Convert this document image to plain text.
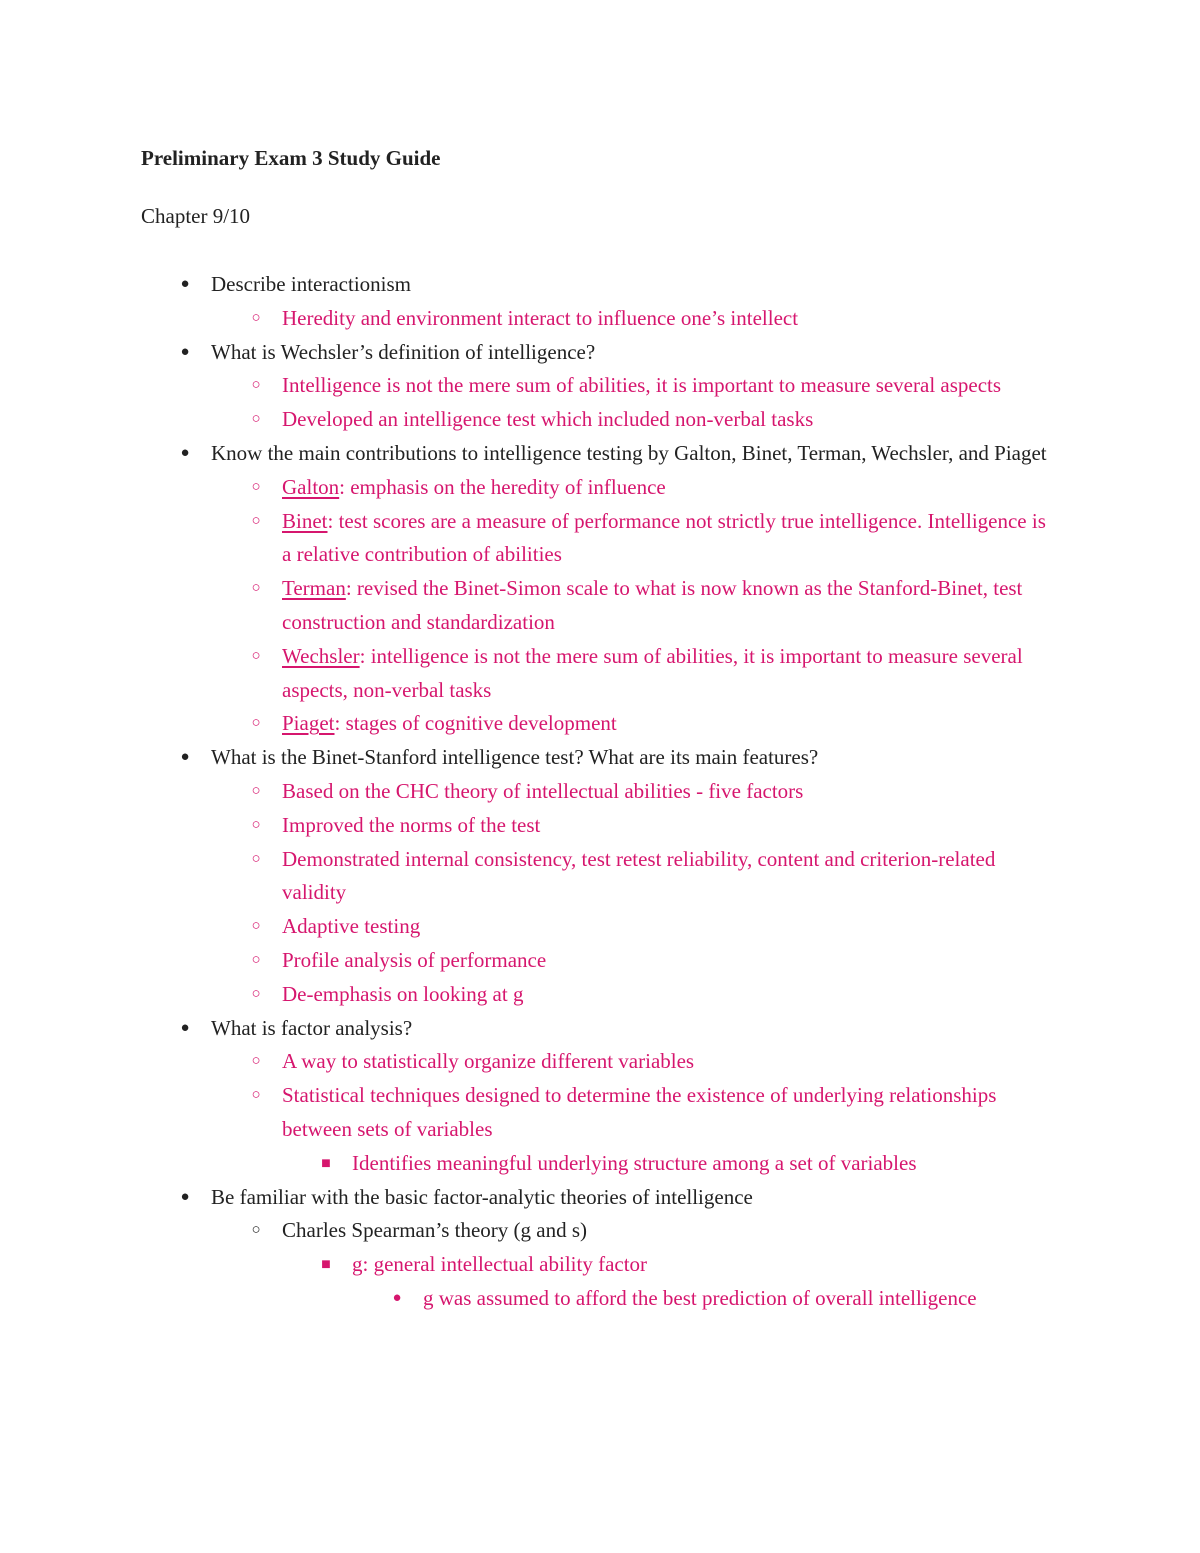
Preliminary Exam 3 Study Guide
Chapter 9/10
●	Describe interactionism
○	Heredity and environment interact to influence one’s intellect
●	What is Wechsler’s definition of intelligence?
○	Intelligence is not the mere sum of abilities, it is important to measure several aspects
○	Developed an intelligence test which included non-verbal tasks
●	Know the main contributions to intelligence testing by Galton, Binet, Terman, Wechsler, and Piaget
○	Galton: emphasis on the heredity of influence
○	Binet: test scores are a measure of performance not strictly true intelligence. Intelligence is a relative contribution of abilities
○	Terman: revised the Binet-Simon scale to what is now known as the Stanford-Binet, test construction and standardization
○	Wechsler: intelligence is not the mere sum of abilities, it is important to measure several aspects, non-verbal tasks
○	Piaget: stages of cognitive development
●	What is the Binet-Stanford intelligence test? What are its main features?
○	Based on the CHC theory of intellectual abilities - five factors
○	Improved the norms of the test
○	Demonstrated internal consistency, test retest reliability, content and criterion-related validity
○	Adaptive testing
○	Profile analysis of performance
○	De-emphasis on looking at g
●	What is factor analysis?
○	A way to statistically organize different variables
○	Statistical techniques designed to determine the existence of underlying relationships between sets of variables
■	Identifies meaningful underlying structure among a set of variables
●	Be familiar with the basic factor-analytic theories of intelligence
○	Charles Spearman’s theory (g and s)
■	g: general intellectual ability factor
●	g was assumed to afford the best prediction of overall intelligence
